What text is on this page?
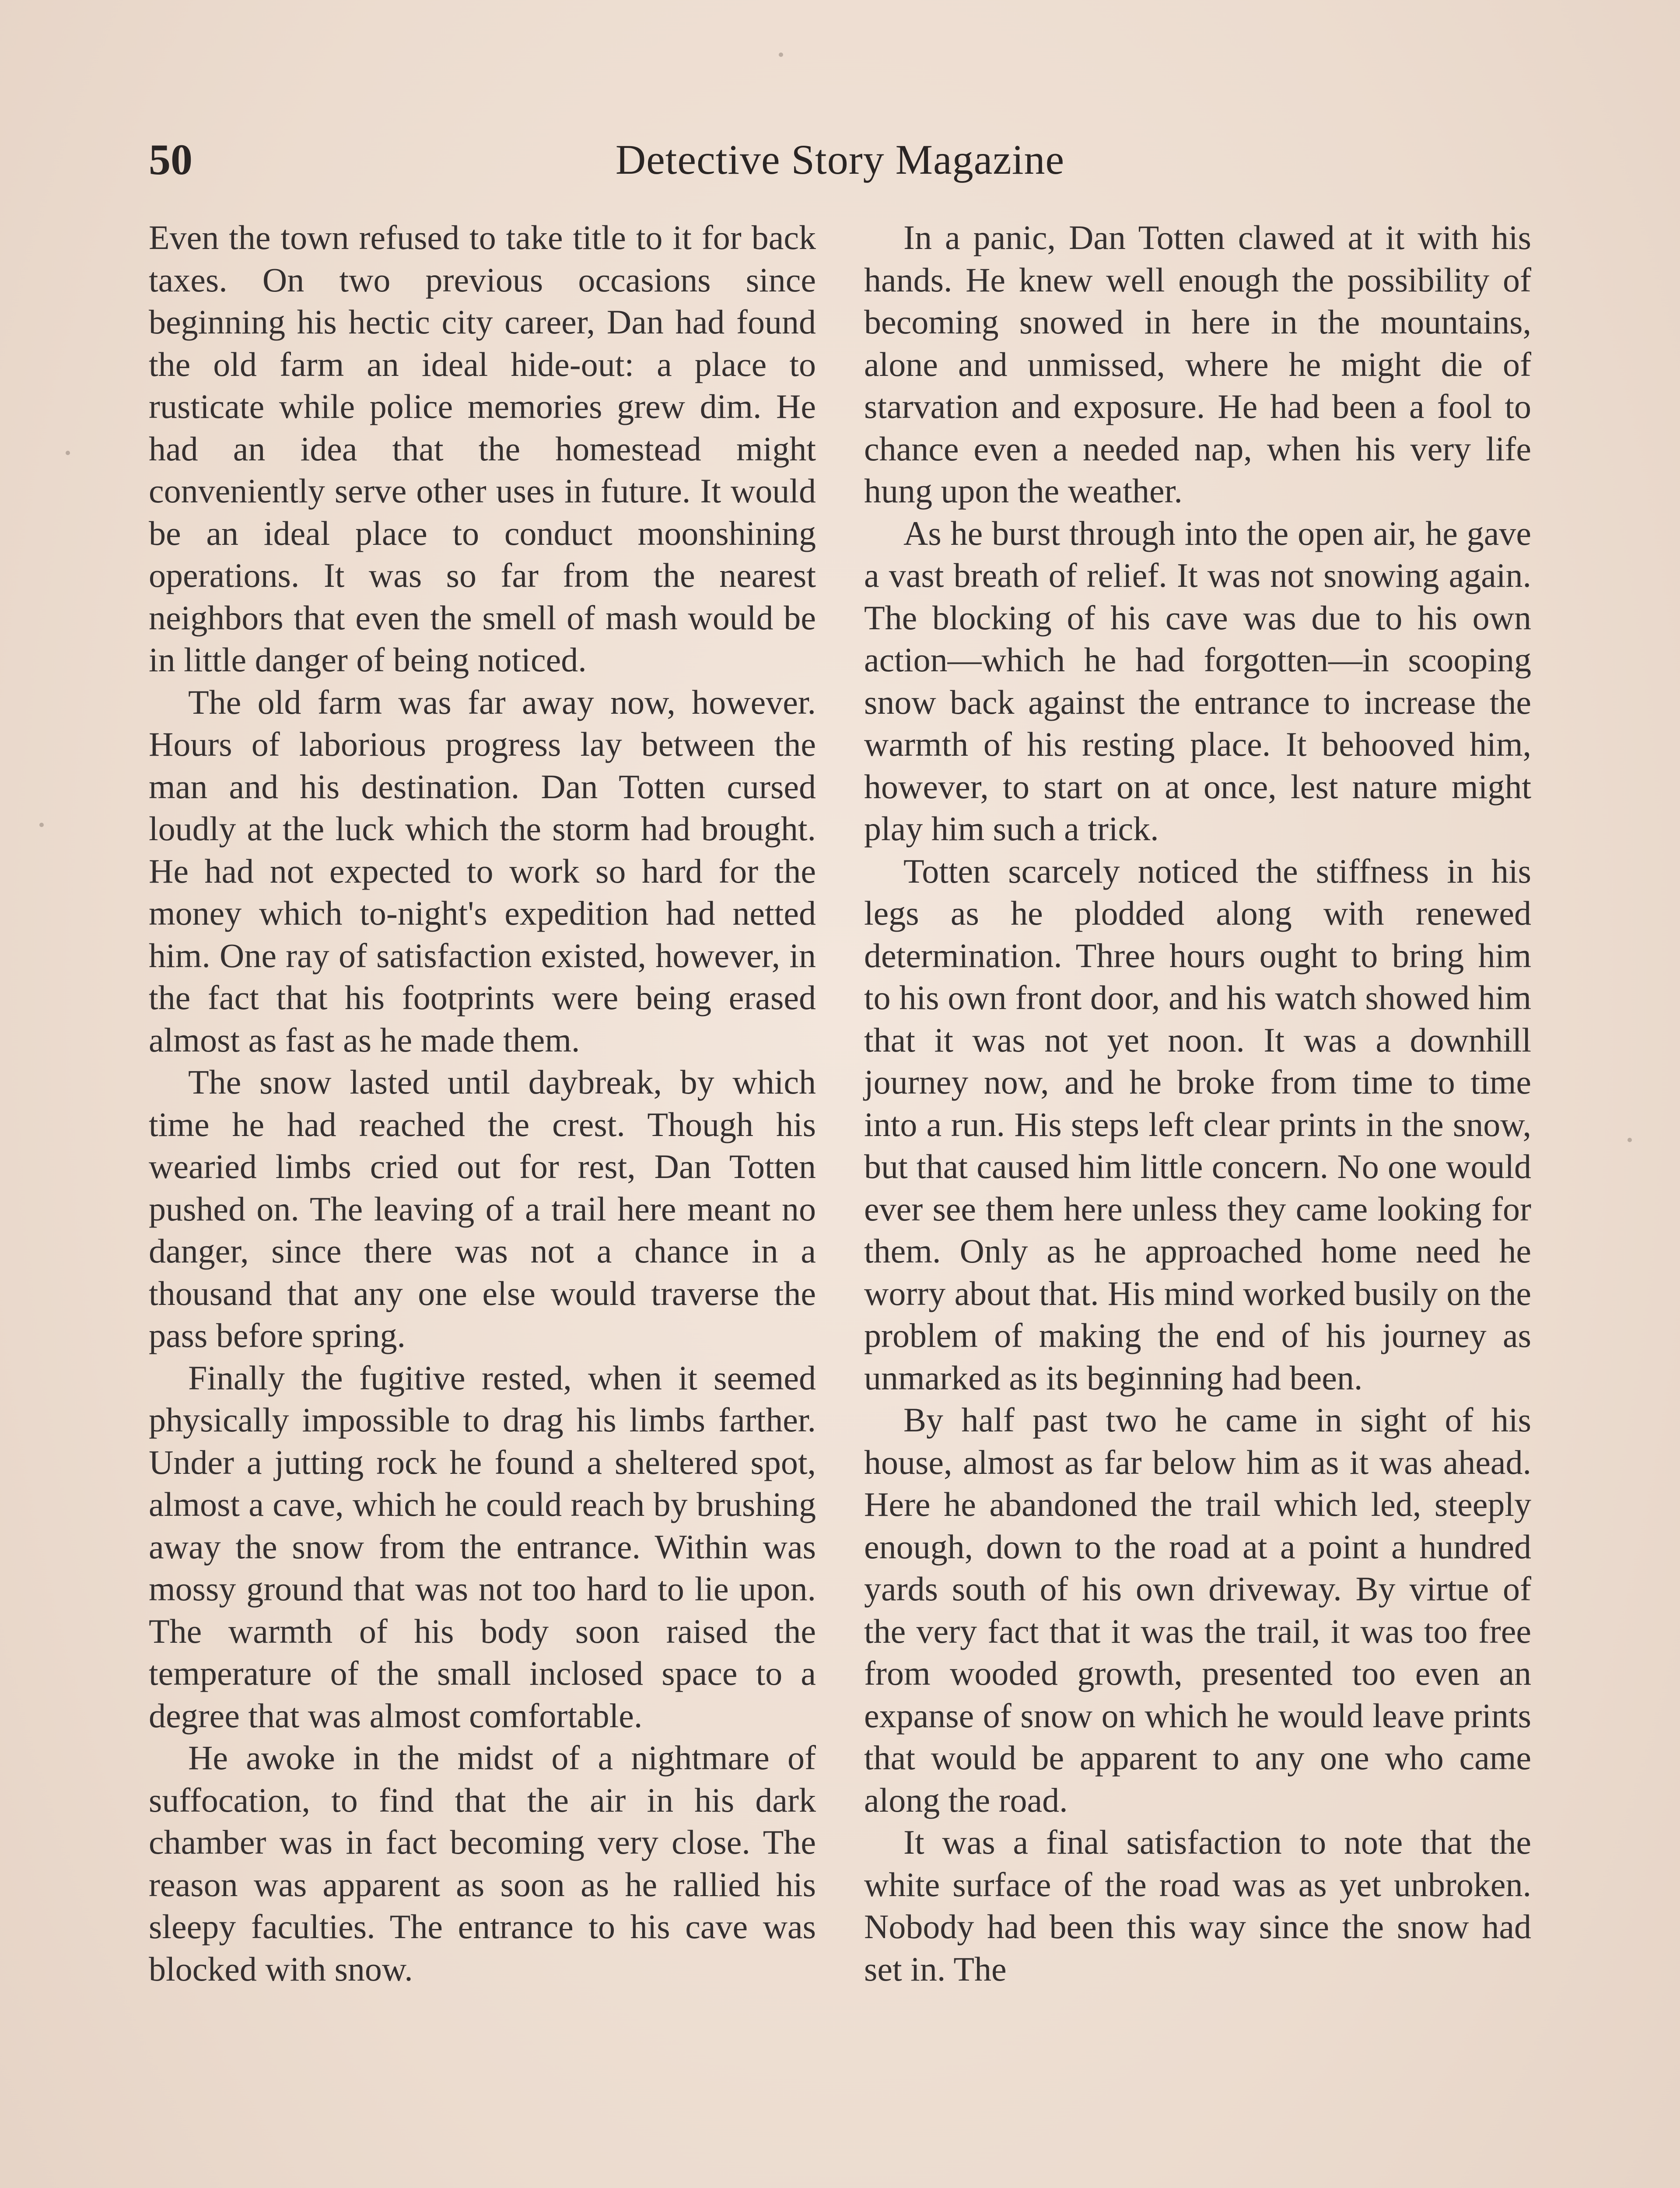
50	Detective Story Magazine

Even the town refused to take title to it for back taxes. On two previous occasions since beginning his hectic city career, Dan had found the old farm an ideal hide-out: a place to rusticate while police memories grew dim. He had an idea that the homestead might conveniently serve other uses in future. It would be an ideal place to conduct moonshining operations. It was so far from the nearest neighbors that even the smell of mash would be in little danger of being noticed.

The old farm was far away now, however. Hours of laborious progress lay between the man and his destination. Dan Totten cursed loudly at the luck which the storm had brought. He had not expected to work so hard for the money which to-night's expedition had netted him. One ray of satisfaction existed, however, in the fact that his footprints were being erased almost as fast as he made them.

The snow lasted until daybreak, by which time he had reached the crest. Though his wearied limbs cried out for rest, Dan Totten pushed on. The leaving of a trail here meant no danger, since there was not a chance in a thousand that any one else would traverse the pass before spring.

Finally the fugitive rested, when it seemed physically impossible to drag his limbs farther. Under a jutting rock he found a sheltered spot, almost a cave, which he could reach by brushing away the snow from the entrance. Within was mossy ground that was not too hard to lie upon. The warmth of his body soon raised the temperature of the small inclosed space to a degree that was almost comfortable.

He awoke in the midst of a nightmare of suffocation, to find that the air in his dark chamber was in fact becoming very close. The reason was apparent as soon as he rallied his sleepy faculties. The entrance to his cave was blocked with snow.

In a panic, Dan Totten clawed at it with his hands. He knew well enough the possibility of becoming snowed in here in the mountains, alone and unmissed, where he might die of starvation and exposure. He had been a fool to chance even a needed nap, when his very life hung upon the weather.

As he burst through into the open air, he gave a vast breath of relief. It was not snowing again. The blocking of his cave was due to his own action—which he had forgotten—in scooping snow back against the entrance to increase the warmth of his resting place. It behooved him, however, to start on at once, lest nature might play him such a trick.

Totten scarcely noticed the stiffness in his legs as he plodded along with renewed determination. Three hours ought to bring him to his own front door, and his watch showed him that it was not yet noon. It was a downhill journey now, and he broke from time to time into a run. His steps left clear prints in the snow, but that caused him little concern. No one would ever see them here unless they came looking for them. Only as he approached home need he worry about that. His mind worked busily on the problem of making the end of his journey as unmarked as its beginning had been.

By half past two he came in sight of his house, almost as far below him as it was ahead. Here he abandoned the trail which led, steeply enough, down to the road at a point a hundred yards south of his own driveway. By virtue of the very fact that it was the trail, it was too free from wooded growth, presented too even an expanse of snow on which he would leave prints that would be apparent to any one who came along the road.

It was a final satisfaction to note that the white surface of the road was as yet unbroken. Nobody had been this way since the snow had set in. The
